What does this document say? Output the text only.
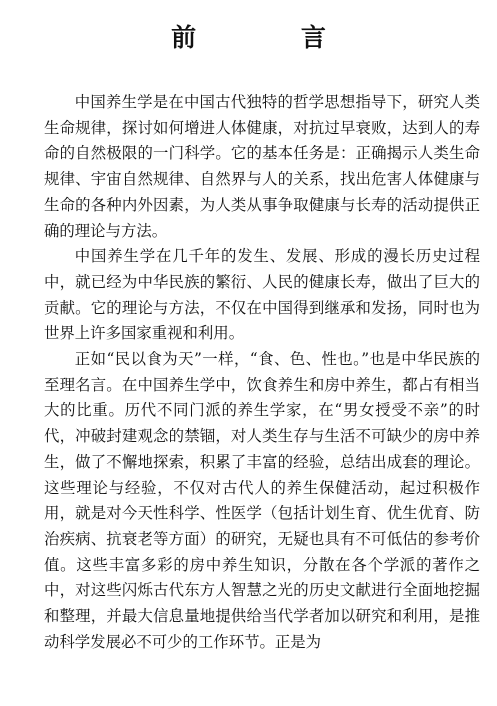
前 言

中国养生学是在中国古代独特的哲学思想指导下，研究人类生命规律，探讨如何增进人体健康，对抗过早衰败，达到人的寿命的自然极限的一门科学。它的基本任务是：正确揭示人类生命规律、宇宙自然规律、自然界与人的关系，找出危害人体健康与生命的各种内外因素，为人类从事争取健康与长寿的活动提供正确的理论与方法。

中国养生学在几千年的发生、发展、形成的漫长历史过程中，就已经为中华民族的繁衍、人民的健康长寿，做出了巨大的贡献。它的理论与方法，不仅在中国得到继承和发扬，同时也为世界上许多国家重视和利用。

正如“民以食为天”一样，“食、色、性也。”也是中华民族的至理名言。在中国养生学中，饮食养生和房中养生，都占有相当大的比重。历代不同门派的养生学家，在“男女授受不亲”的时代，冲破封建观念的禁锢，对人类生存与生活不可缺少的房中养生，做了不懈地探索，积累了丰富的经验，总结出成套的理论。这些理论与经验，不仅对古代人的养生保健活动，起过积极作用，就是对今天性科学、性医学（包括计划生育、优生优育、防治疾病、抗衰老等方面）的研究，无疑也具有不可低估的参考价值。这些丰富多彩的房中养生知识，分散在各个学派的著作之中，对这些闪烁古代东方人智慧之光的历史文献进行全面地挖掘和整理，并最大信息量地提供给当代学者加以研究和利用，是推动科学发展必不可少的工作环节。正是为
